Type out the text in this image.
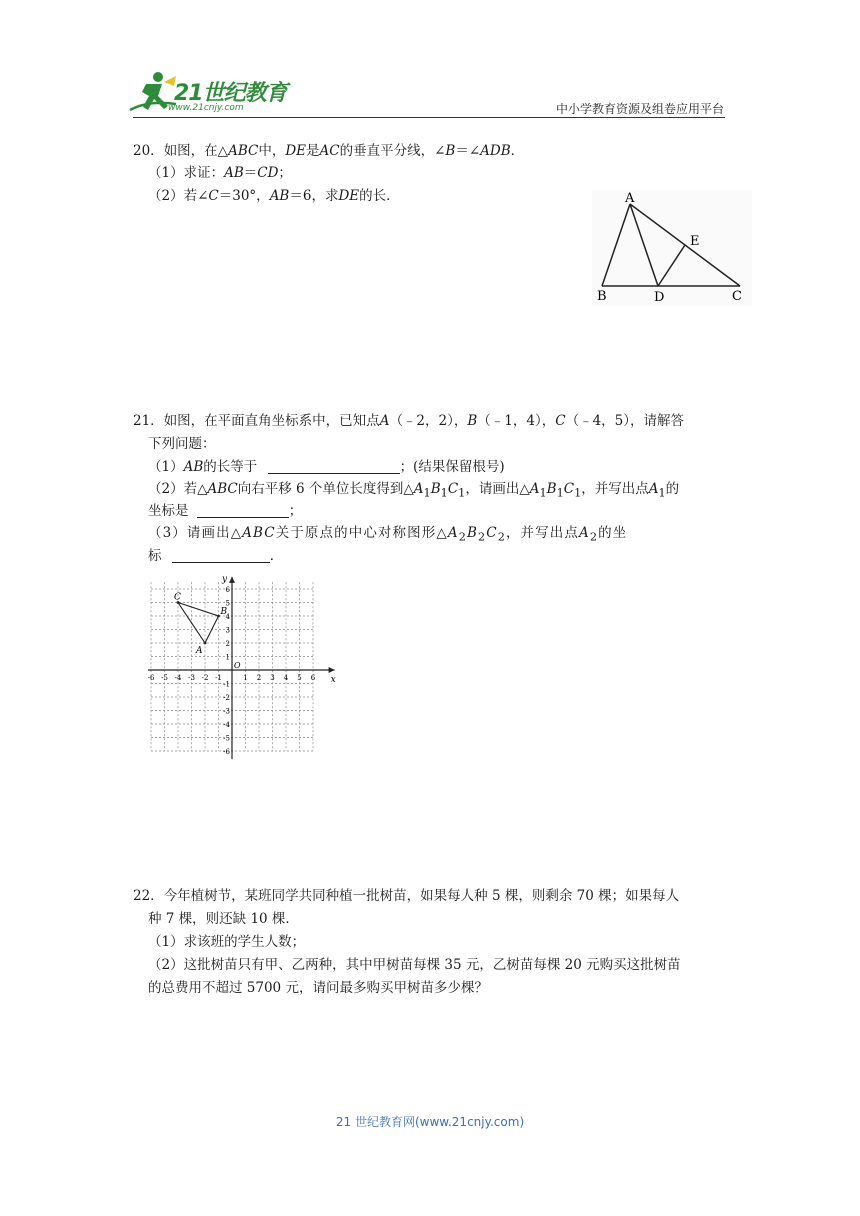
21世纪教育
www.21cnjy.com	中小学教育资源及组卷应用平台
20．如图，在△ABC中，DE是AC的垂直平分线，∠B＝∠ADB．
（1）求证：AB＝CD；
（2）若∠C＝30°，AB＝6，求DE的长．	A
B	C
D
E
21．如图，在平面直角坐标系中，已知点A（﹣2，2），B（﹣1，4），C（﹣4，5），请解答
下列问题：
（1）AB的长等于	；(结果保留根号)
（2）若△ABC向右平移 6 个单位长度得到$\triangle A_1B_1C_1$，请画出$\triangle A_1B_1C_1$，并写出点$A_1$的
坐标是	；
（3）请画出△ABC关于原点的中心对称图形$\triangle A_2B_2C_2$，并写出点$A_2$的坐
标	．
x
y
O
-6 -5 -4 -3 -2 -1	1 2 3 4 5 6
6
5
4
3
2
1
-1
-2
-3
-4
-5
-6
A
B
C
22．今年植树节，某班同学共同种植一批树苗，如果每人种 5 棵，则剩余 70 棵；如果每人
种 7 棵，则还缺 10 棵．
（1）求该班的学生人数；
（2）这批树苗只有甲、乙两种，其中甲树苗每棵 35 元，乙树苗每棵 20 元购买这批树苗
的总费用不超过 5700 元，请问最多购买甲树苗多少棵？
21 世纪教育网(www.21cnjy.com)
